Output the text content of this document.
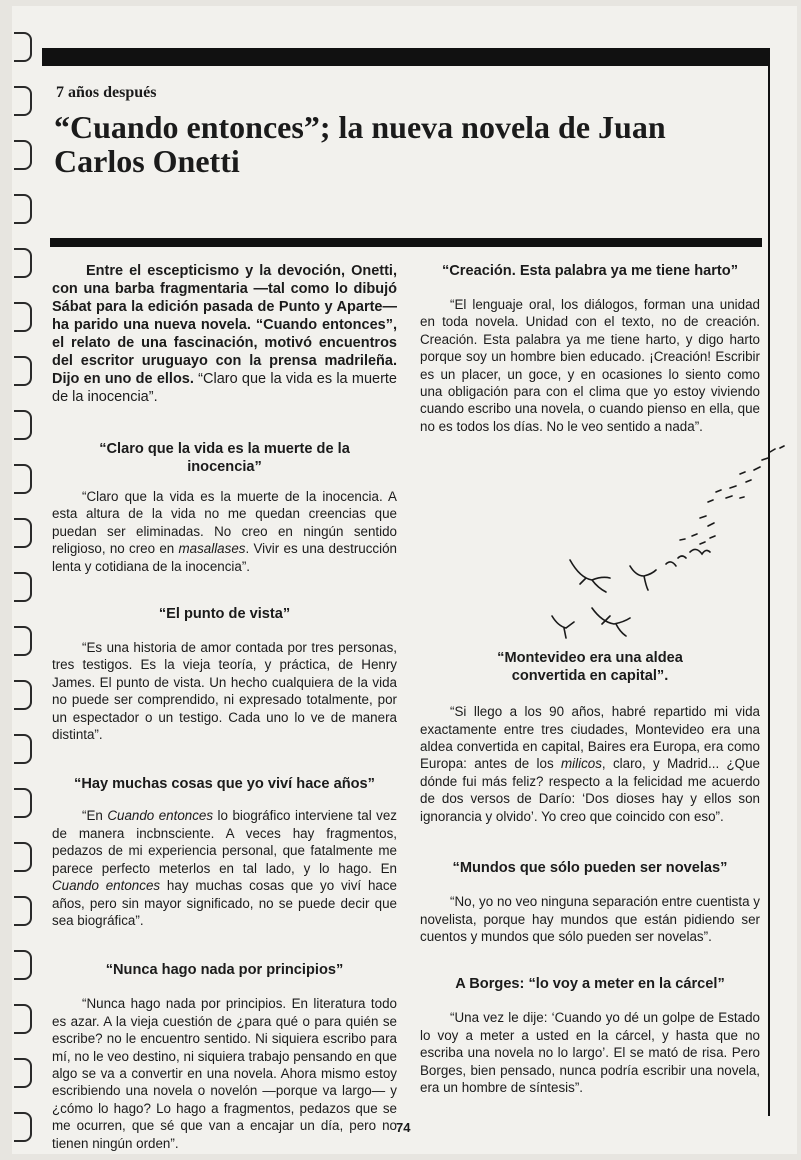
7 años después
“Cuando entonces”; la nueva novela de Juan Carlos Onetti

Entre el escepticismo y la devoción, Onetti, con una barba fragmentaria —tal como lo dibujó Sábat para la edición pasada de Punto y Aparte— ha parido una nueva novela. “Cuando entonces”, el relato de una fascinación, motivó encuentros del escritor uruguayo con la prensa madrileña. Dijo en uno de ellos. “Claro que la vida es la muerte de la inocencia”.

“Claro que la vida es la muerte de la inocencia”

“Claro que la vida es la muerte de la inocencia. A esta altura de la vida no me quedan creencias que puedan ser eliminadas. No creo en ningún sentido religioso, no creo en masallases. Vivir es una destrucción lenta y cotidiana de la inocencia”.

“El punto de vista”

“Es una historia de amor contada por tres personas, tres testigos. Es la vieja teoría, y práctica, de Henry James. El punto de vista. Un hecho cualquiera de la vida no puede ser comprendido, ni expresado totalmente, por un espectador o un testigo. Cada uno lo ve de manera distinta”.

“Hay muchas cosas que yo viví hace años”

“En Cuando entonces lo biográfico interviene tal vez de manera incbnsciente. A veces hay fragmentos, pedazos de mi experiencia personal, que fatalmente me parece perfecto meterlos en tal lado, y lo hago. En Cuando entonces hay muchas cosas que yo viví hace años, pero sin mayor significado, no se puede decir que sea biográfica”.

“Nunca hago nada por principios”

“Nunca hago nada por principios. En literatura todo es azar. A la vieja cuestión de ¿para qué o para quién se escribe? no le encuentro sentido. Ni siquiera escribo para mí, no le veo destino, ni siquiera trabajo pensando en que algo se va a convertir en una novela. Ahora mismo estoy escribiendo una novela o novelón —porque va largo— y ¿cómo lo hago? Lo hago a fragmentos, pedazos que se me ocurren, que sé que van a encajar un día, pero no tienen ningún orden”.

“Creación. Esta palabra ya me tiene harto”

“El lenguaje oral, los diálogos, forman una unidad en toda novela. Unidad con el texto, no de creación. Creación. Esta palabra ya me tiene harto, y digo harto porque soy un hombre bien educado. ¡Creación! Escribir es un placer, un goce, y en ocasiones lo siento como una obligación para con el clima que yo estoy viviendo cuando escribo una novela, o cuando pienso en ella, que no es todos los días. No le veo sentido a nada”.

“Montevideo era una aldea convertida en capital”.

“Si llego a los 90 años, habré repartido mi vida exactamente entre tres ciudades, Montevideo era una aldea convertida en capital, Baires era Europa, era como Europa: antes de los milicos, claro, y Madrid... ¿Que dónde fui más feliz? respecto a la felicidad me acuerdo de dos versos de Darío: ‘Dos dioses hay y ellos son ignorancia y olvido’. Yo creo que coincido con eso”.

“Mundos que sólo pueden ser novelas”

“No, yo no veo ninguna separación entre cuentista y novelista, porque hay mundos que están pidiendo ser cuentos y mundos que sólo pueden ser novelas”.

A Borges: “lo voy a meter en la cárcel”

“Una vez le dije: ‘Cuando yo dé un golpe de Estado lo voy a meter a usted en la cárcel, y hasta que no escriba una novela no lo largo’. El se mató de risa. Pero Borges, bien pensado, nunca podría escribir una novela, era un hombre de síntesis”.

74
